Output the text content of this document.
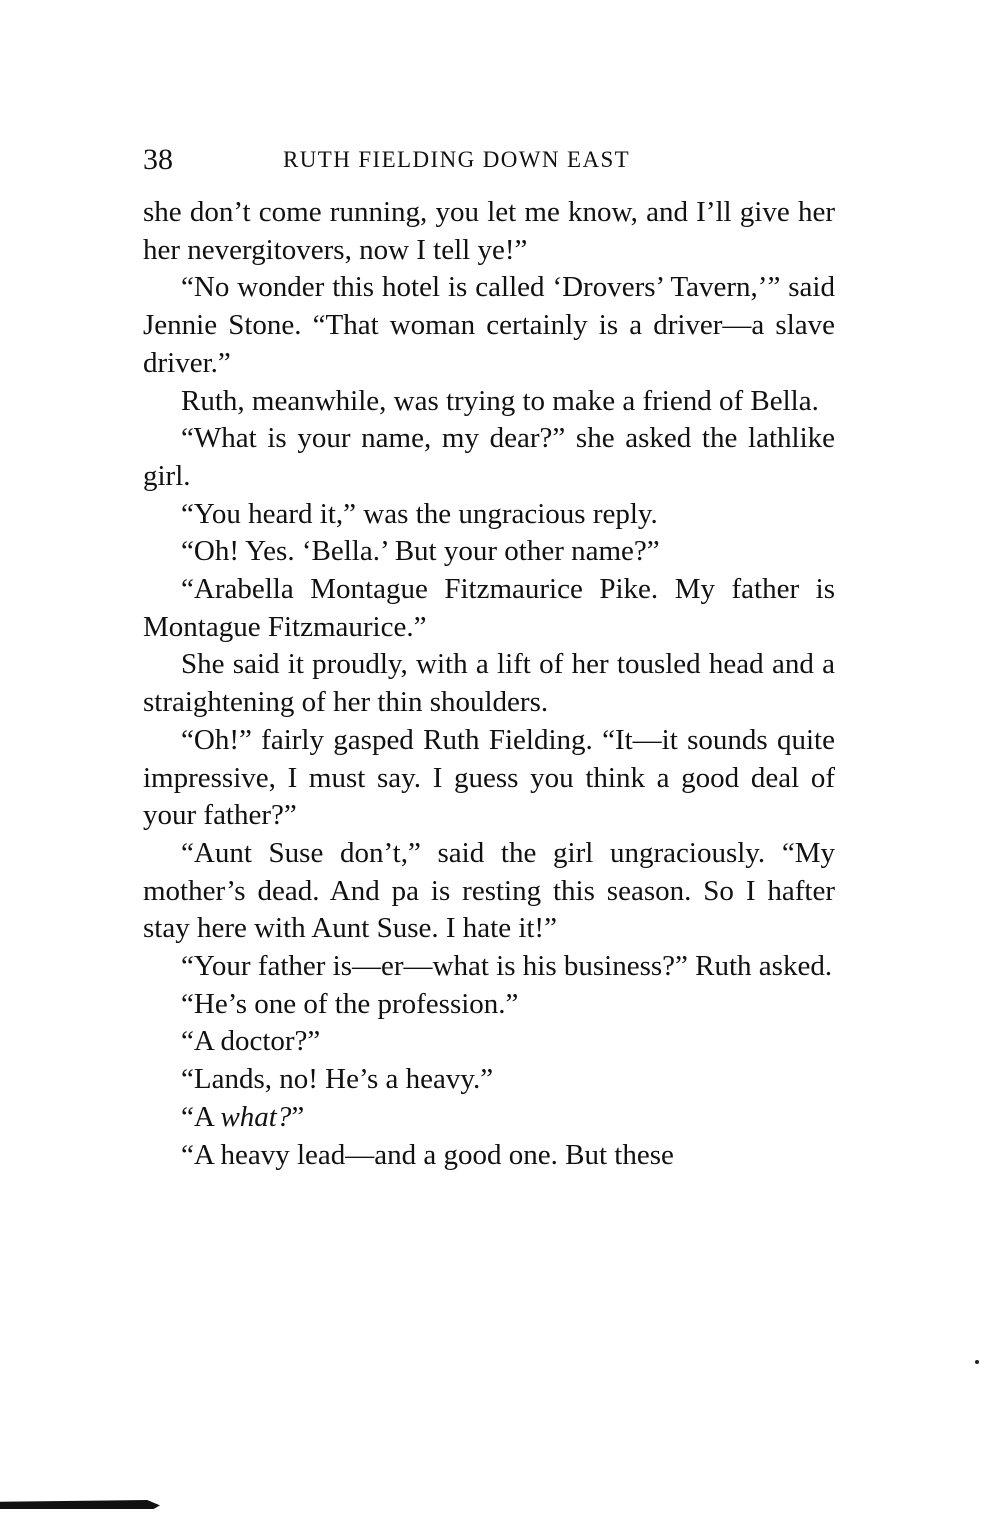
38	RUTH FIELDING DOWN EAST

she don’t come running, you let me know, and I’ll give her her nevergitovers, now I tell ye!”

“No wonder this hotel is called ‘Drovers’ Tavern,’” said Jennie Stone. “That woman certainly is a driver—a slave driver.”

Ruth, meanwhile, was trying to make a friend of Bella.

“What is your name, my dear?” she asked the lathlike girl.

“You heard it,” was the ungracious reply.

“Oh! Yes. ‘Bella.’ But your other name?”

“Arabella Montague Fitzmaurice Pike. My father is Montague Fitzmaurice.”

She said it proudly, with a lift of her tousled head and a straightening of her thin shoulders.

“Oh!” fairly gasped Ruth Fielding. “It—it sounds quite impressive, I must say. I guess you think a good deal of your father?”

“Aunt Suse don’t,” said the girl ungraciously. “My mother’s dead. And pa is resting this season. So I hafter stay here with Aunt Suse. I hate it!”

“Your father is—er—what is his business?” Ruth asked.

“He’s one of the profession.”

“A doctor?”

“Lands, no! He’s a heavy.”

“A what?”

“A heavy lead—and a good one. But these
